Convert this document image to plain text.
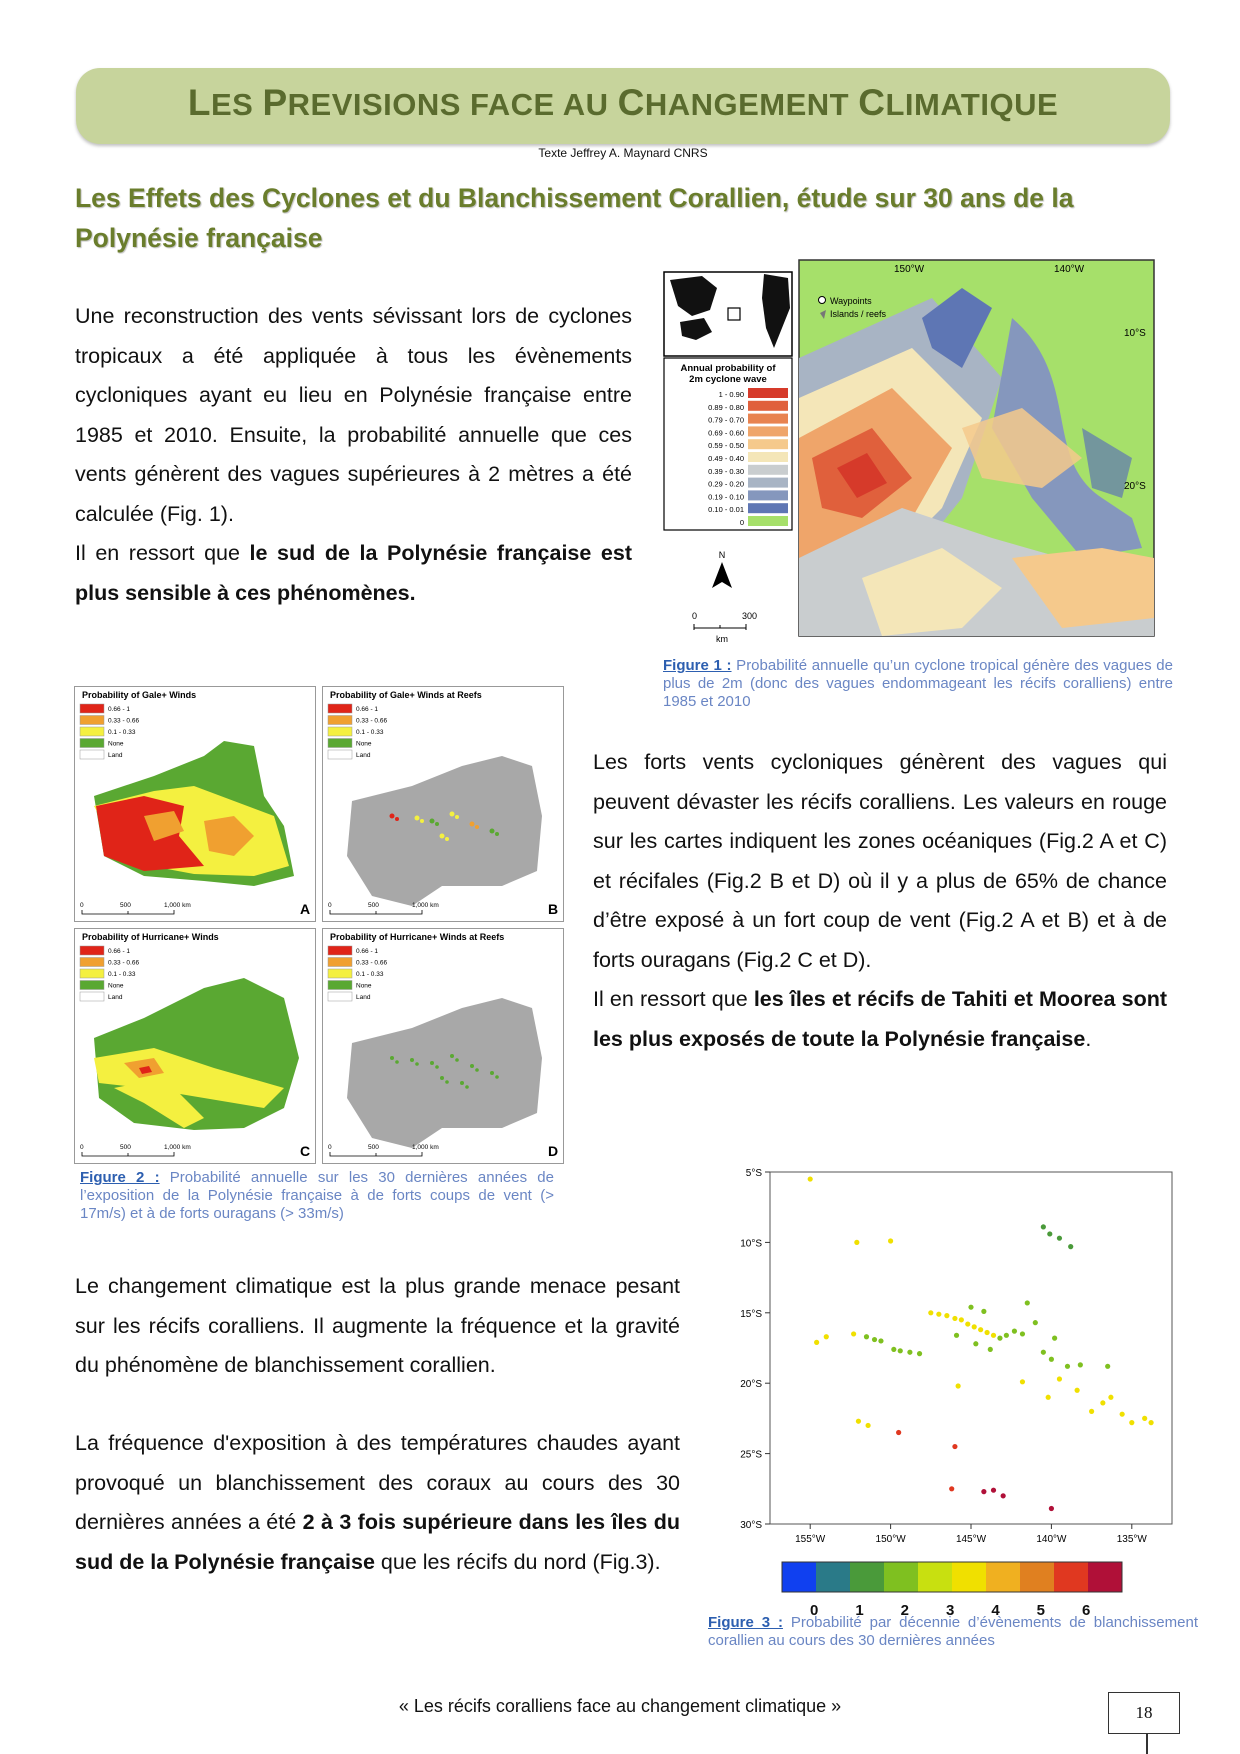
LES PREVISIONS FACE AU CHANGEMENT CLIMATIQUE
Texte Jeffrey A. Maynard CNRS
Les Effets des Cyclones et du Blanchissement Corallien, étude sur 30 ans de la Polynésie française

Une reconstruction des vents sévissant lors de cyclones tropicaux a été appliquée à tous les évènements cycloniques ayant eu lieu en Polynésie française entre 1985 et 2010. Ensuite, la probabilité annuelle que ces vents génèrent des vagues supérieures à 2 mètres a été calculée (Fig. 1).

Il en ressort que le sud de la Polynésie française est plus sensible à ces phénomènes.

Annual probability of
2m cyclone wave
1 - 0.90
0.89 - 0.80
0.79 - 0.70
0.69 - 0.60
0.59 - 0.50
0.49 - 0.40
0.39 - 0.30
0.29 - 0.20
0.19 - 0.10
0.10 - 0.01
0
150°W	140°W
10°S
20°S
Waypoints
Islands / reefs
N
0	300
km
Figure 1 : Probabilité annuelle qu’un cyclone tropical génère des vagues de plus de 2m (donc des vagues endommageant les récifs coralliens) entre 1985 et 2010
Probability of Gale+ Winds
0.66 - 1
0.33 - 0.66
0.1 - 0.33
None
Land
0	500	1,000 km	A
Probability of Gale+ Winds at Reefs
0.66 - 1
0.33 - 0.66
0.1 - 0.33
None
Land
0	500	1,000 km	B
Probability of Hurricane+ Winds
0.66 - 1
0.33 - 0.66
0.1 - 0.33
None
Land
0	500	1,000 km	C
Probability of Hurricane+ Winds at Reefs
0.66 - 1
0.33 - 0.66
0.1 - 0.33
None
Land
0	500	1,000 km	D
Figure 2 : Probabilité annuelle sur les 30 dernières années de l’exposition de la Polynésie française à de forts coups de vent (> 17m/s) et à de forts ouragans (> 33m/s)

Les forts vents cycloniques génèrent des vagues qui peuvent dévaster les récifs coralliens. Les valeurs en rouge sur les cartes indiquent les zones océaniques (Fig.2 A et C) et récifales (Fig.2 B et D) où il y a plus de 65% de chance d’être exposé à un fort coup de vent (Fig.2 A et B) et à de forts ouragans (Fig.2 C et D).

Il en ressort que les îles et récifs de Tahiti et Moorea sont les plus exposés de toute la Polynésie française.

Le changement climatique est la plus grande menace pesant sur les récifs coralliens. Il augmente la fréquence et la gravité du phénomène de blanchissement corallien.

La fréquence d'exposition à des températures chaudes ayant provoqué un blanchissement des coraux au cours des 30 dernières années a été 2 à 3 fois supérieure dans les îles du sud de la Polynésie française que les récifs du nord (Fig.3).

5°S
10°S
15°S
20°S
25°S
30°S
155°W	150°W	145°W	140°W	135°W
0 1 2 3 4 5 6
Figure 3 : Probabilité par décennie d’évènements de blanchissement corallien au cours des 30 dernières années
« Les récifs coralliens face au changement climatique »	18
